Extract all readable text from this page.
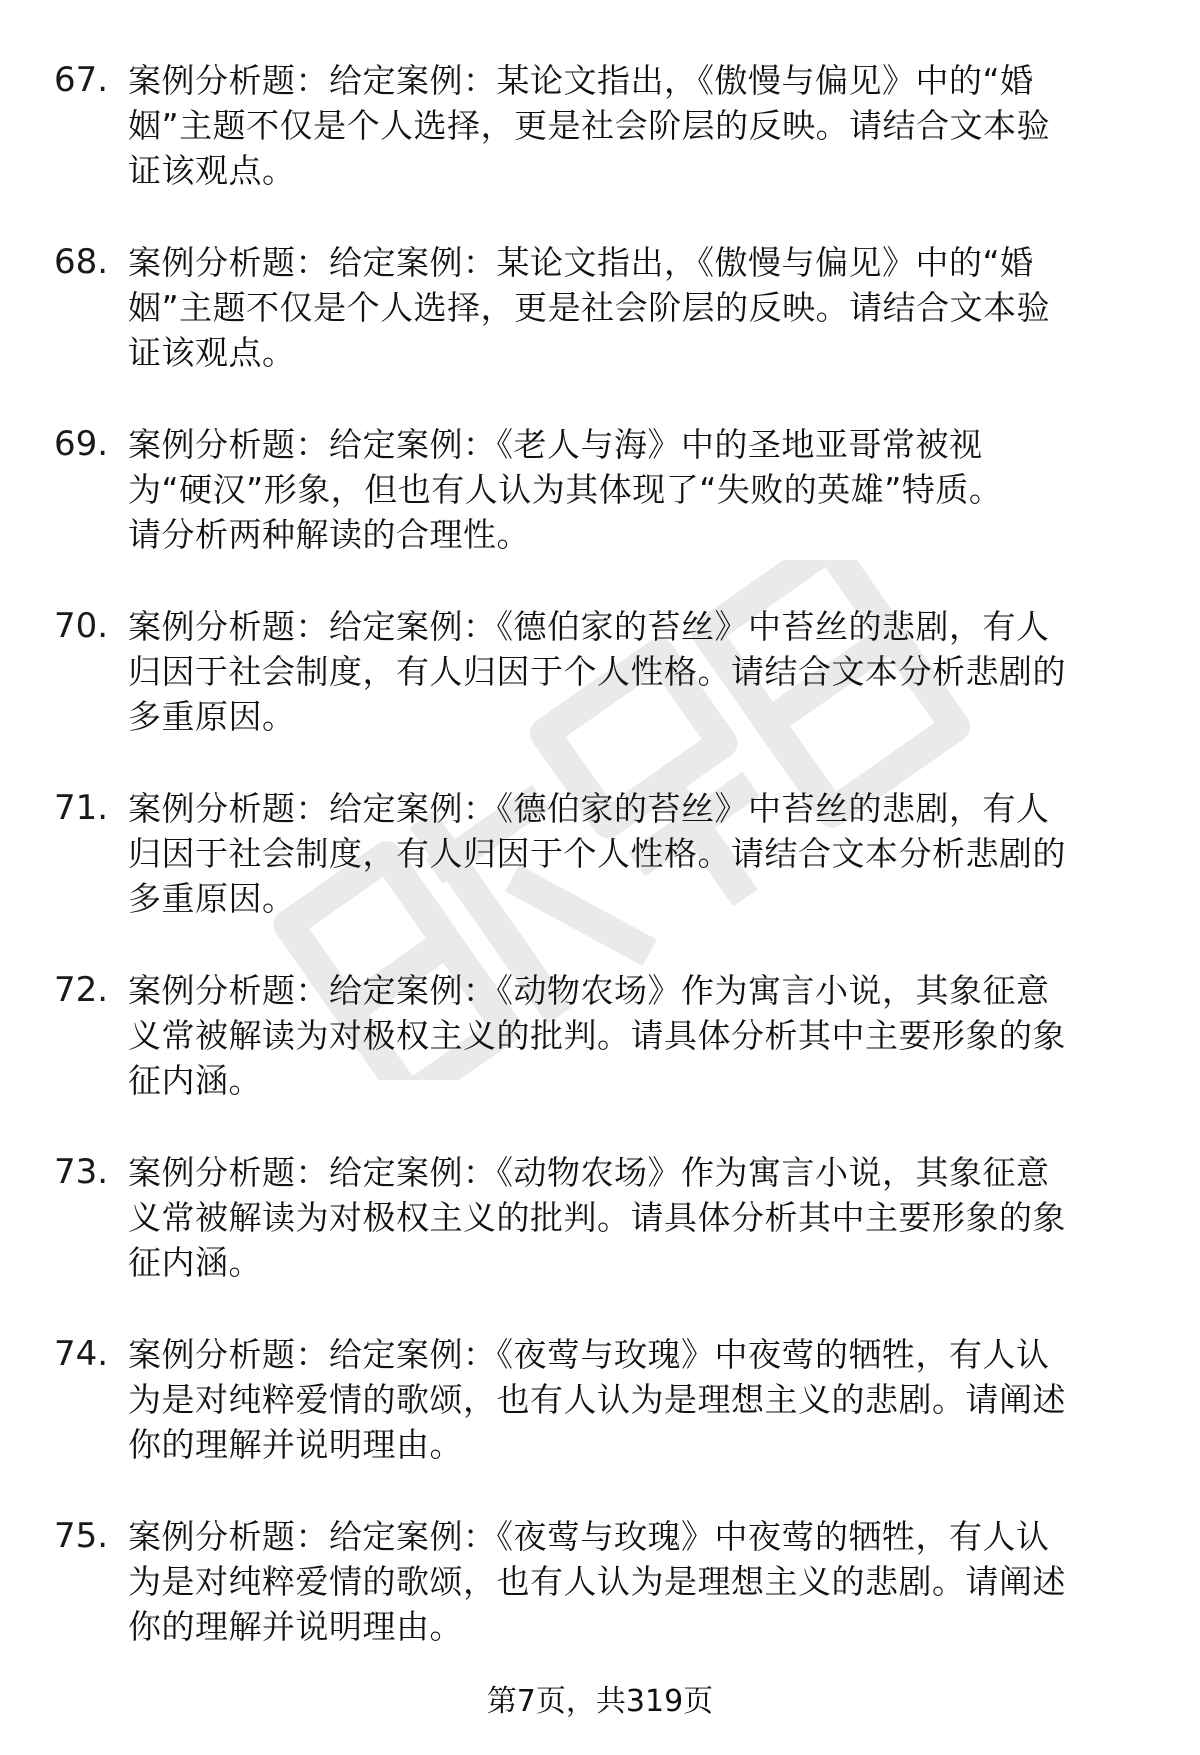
67. 案例分析题：给定案例：某论文指出，《傲慢与偏见》中的“婚
姻”主题不仅是个人选择，更是社会阶层的反映。请结合文本验
证该观点。

68. 案例分析题：给定案例：某论文指出，《傲慢与偏见》中的“婚
姻”主题不仅是个人选择，更是社会阶层的反映。请结合文本验
证该观点。

69. 案例分析题：给定案例：《老人与海》中的圣地亚哥常被视
为“硬汉”形象，但也有人认为其体现了“失败的英雄”特质。
请分析两种解读的合理性。

70. 案例分析题：给定案例：《德伯家的苔丝》中苔丝的悲剧，有人
归因于社会制度，有人归因于个人性格。请结合文本分析悲剧的
多重原因。

71. 案例分析题：给定案例：《德伯家的苔丝》中苔丝的悲剧，有人
归因于社会制度，有人归因于个人性格。请结合文本分析悲剧的
多重原因。

72. 案例分析题：给定案例：《动物农场》作为寓言小说，其象征意
义常被解读为对极权主义的批判。请具体分析其中主要形象的象
征内涵。

73. 案例分析题：给定案例：《动物农场》作为寓言小说，其象征意
义常被解读为对极权主义的批判。请具体分析其中主要形象的象
征内涵。

74. 案例分析题：给定案例：《夜莺与玫瑰》中夜莺的牺牲，有人认
为是对纯粹爱情的歌颂，也有人认为是理想主义的悲剧。请阐述
你的理解并说明理由。

75. 案例分析题：给定案例：《夜莺与玫瑰》中夜莺的牺牲，有人认
为是对纯粹爱情的歌颂，也有人认为是理想主义的悲剧。请阐述
你的理解并说明理由。

第7页，共319页
